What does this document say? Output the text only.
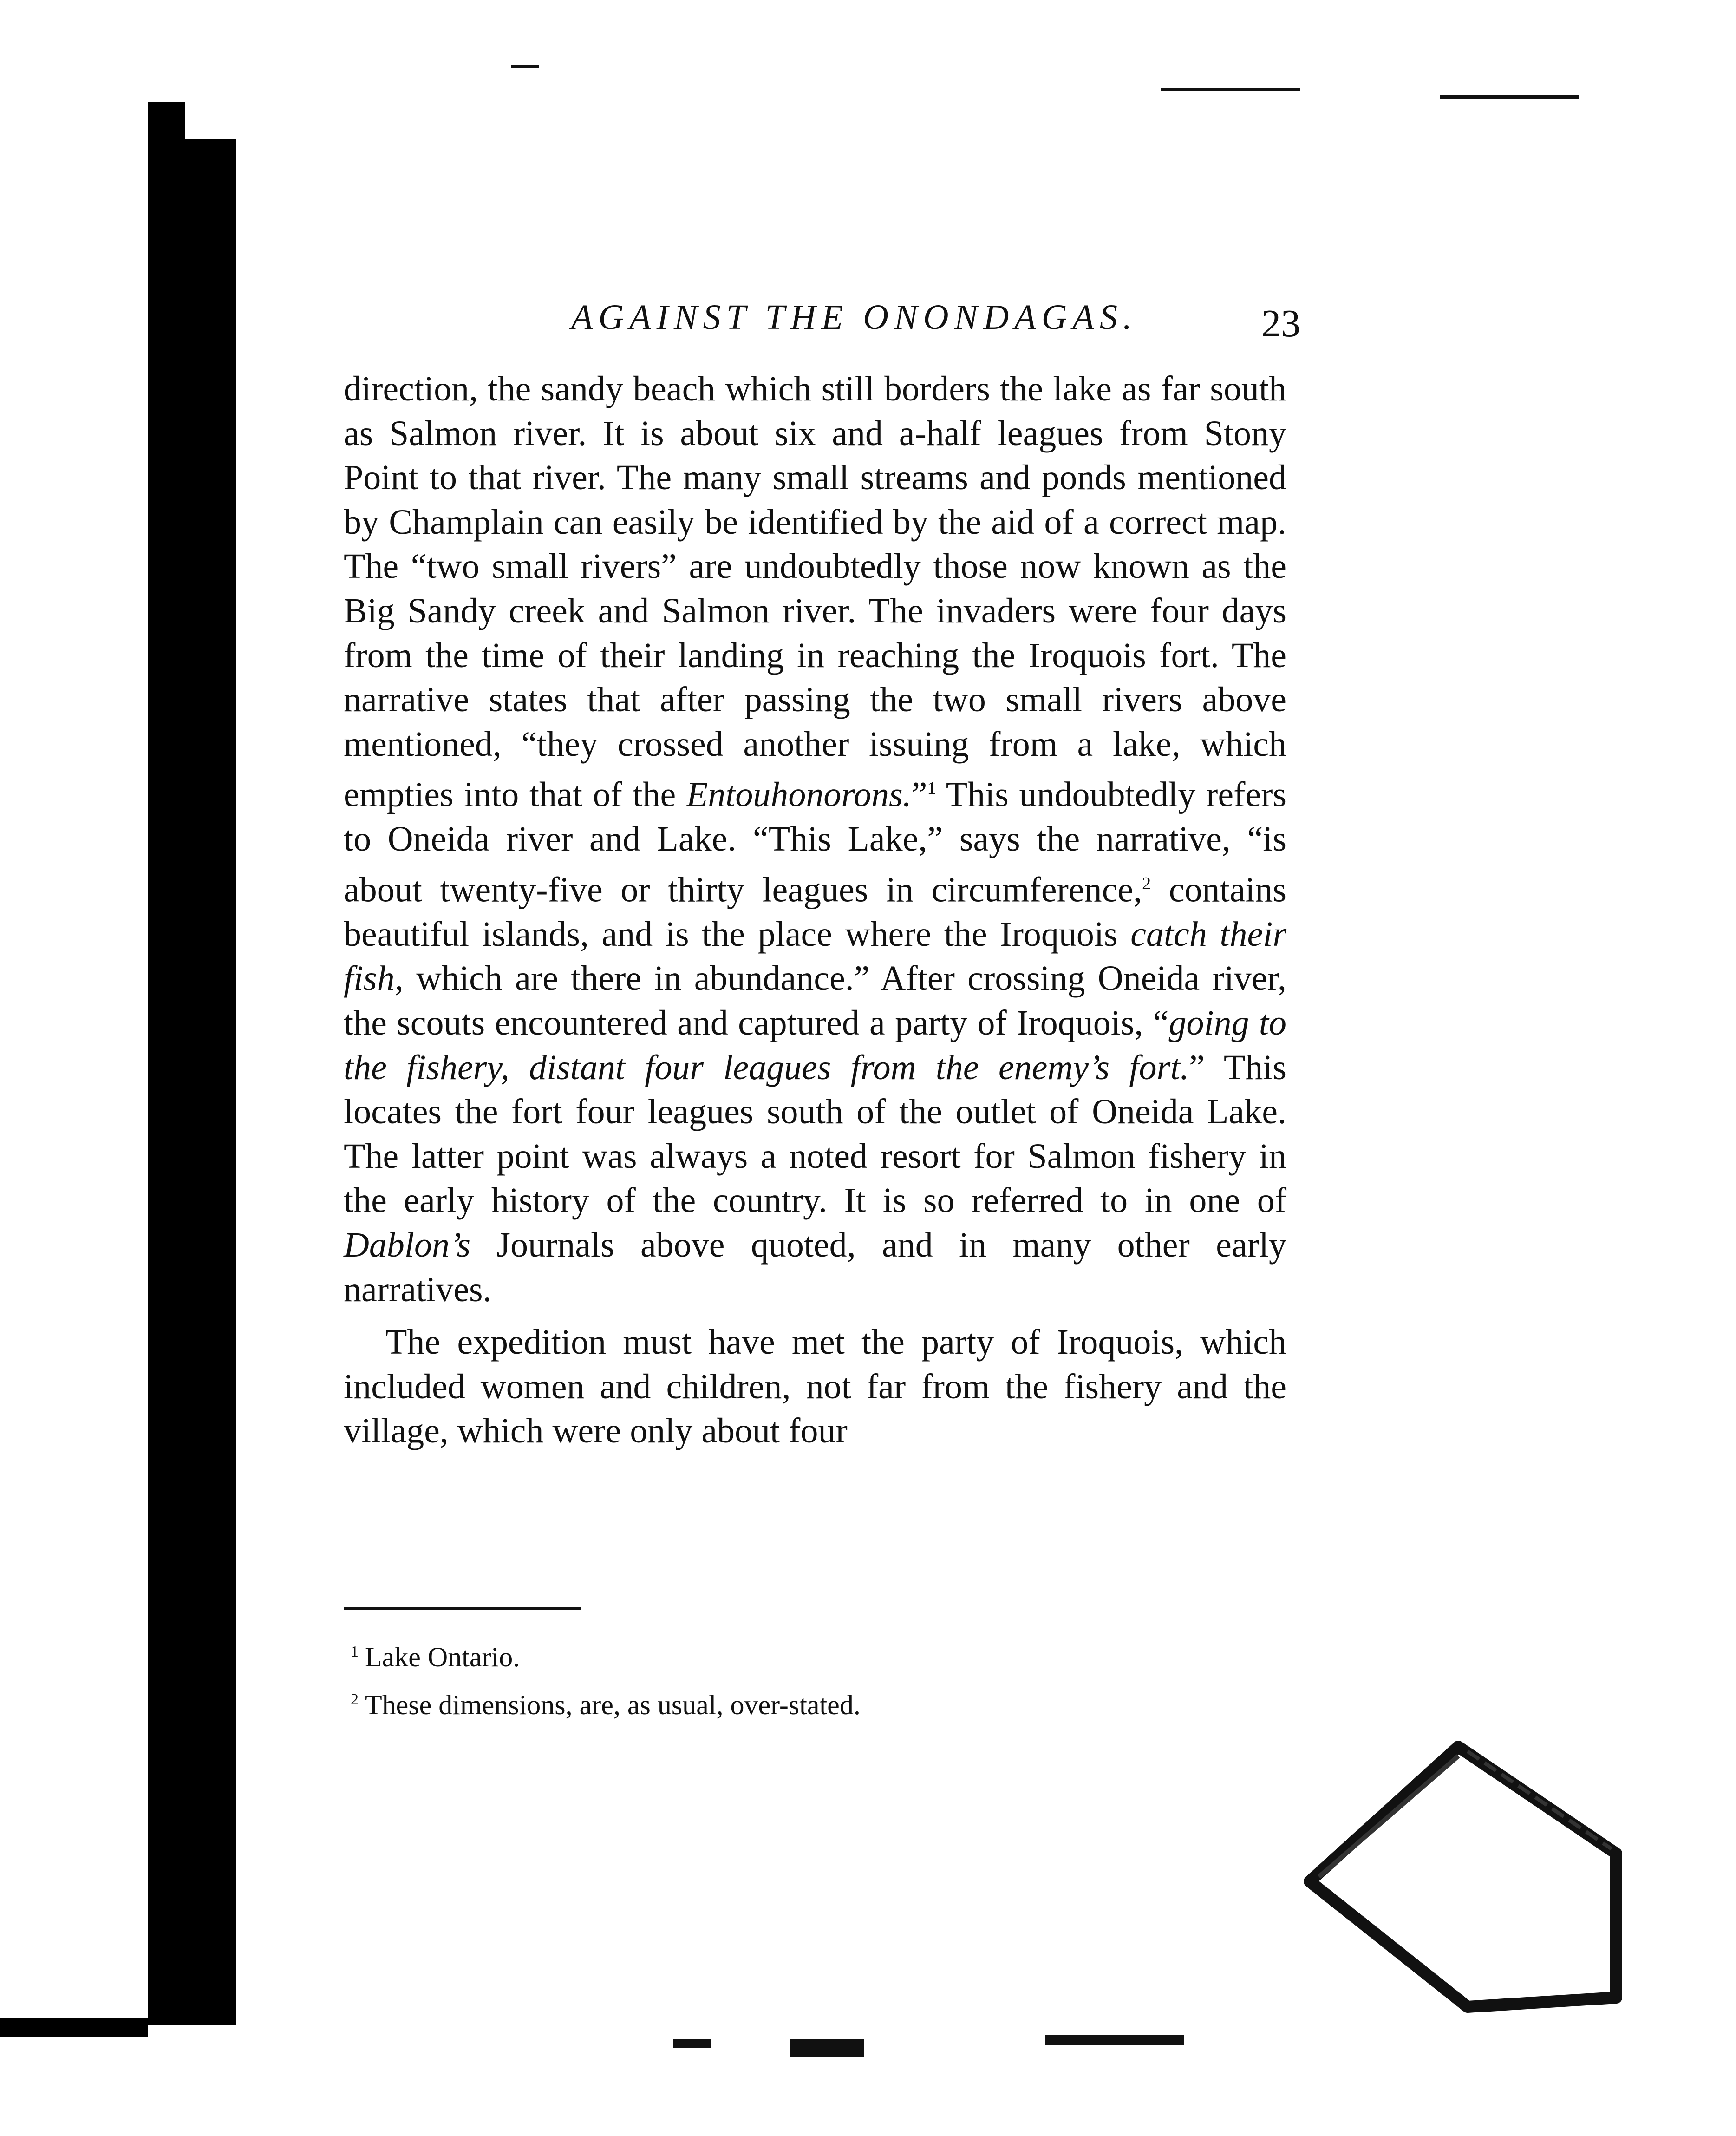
AGAINST THE ONONDAGAS.	23

direction, the sandy beach which still borders the lake as far south as Salmon river. It is about six and a-half leagues from Stony Point to that river. The many small streams and ponds mentioned by Champlain can easily be identified by the aid of a correct map. The “two small rivers” are undoubtedly those now known as the Big Sandy creek and Salmon river. The invaders were four days from the time of their landing in reaching the Iroquois fort. The narrative states that after passing the two small rivers above mentioned, “they crossed another issuing from a lake, which empties into that of the Entouhonorons.”$^1$ This undoubtedly refers to Oneida river and Lake. “This Lake,” says the narrative, “is about twenty-five or thirty leagues in circumference,$^2$ contains beautiful islands, and is the place where the Iroquois catch their fish, which are there in abundance.” After crossing Oneida river, the scouts encountered and captured a party of Iroquois, “going to the fishery, distant four leagues from the enemy’s fort.” This locates the fort four leagues south of the outlet of Oneida Lake. The latter point was always a noted resort for Salmon fishery in the early history of the country. It is so referred to in one of Dablon’s Journals above quoted, and in many other early narratives.

The expedition must have met the party of Iroquois, which included women and children, not far from the fishery and the village, which were only about four

$^1$ Lake Ontario.
$^2$ These dimensions, are, as usual, over-stated.
